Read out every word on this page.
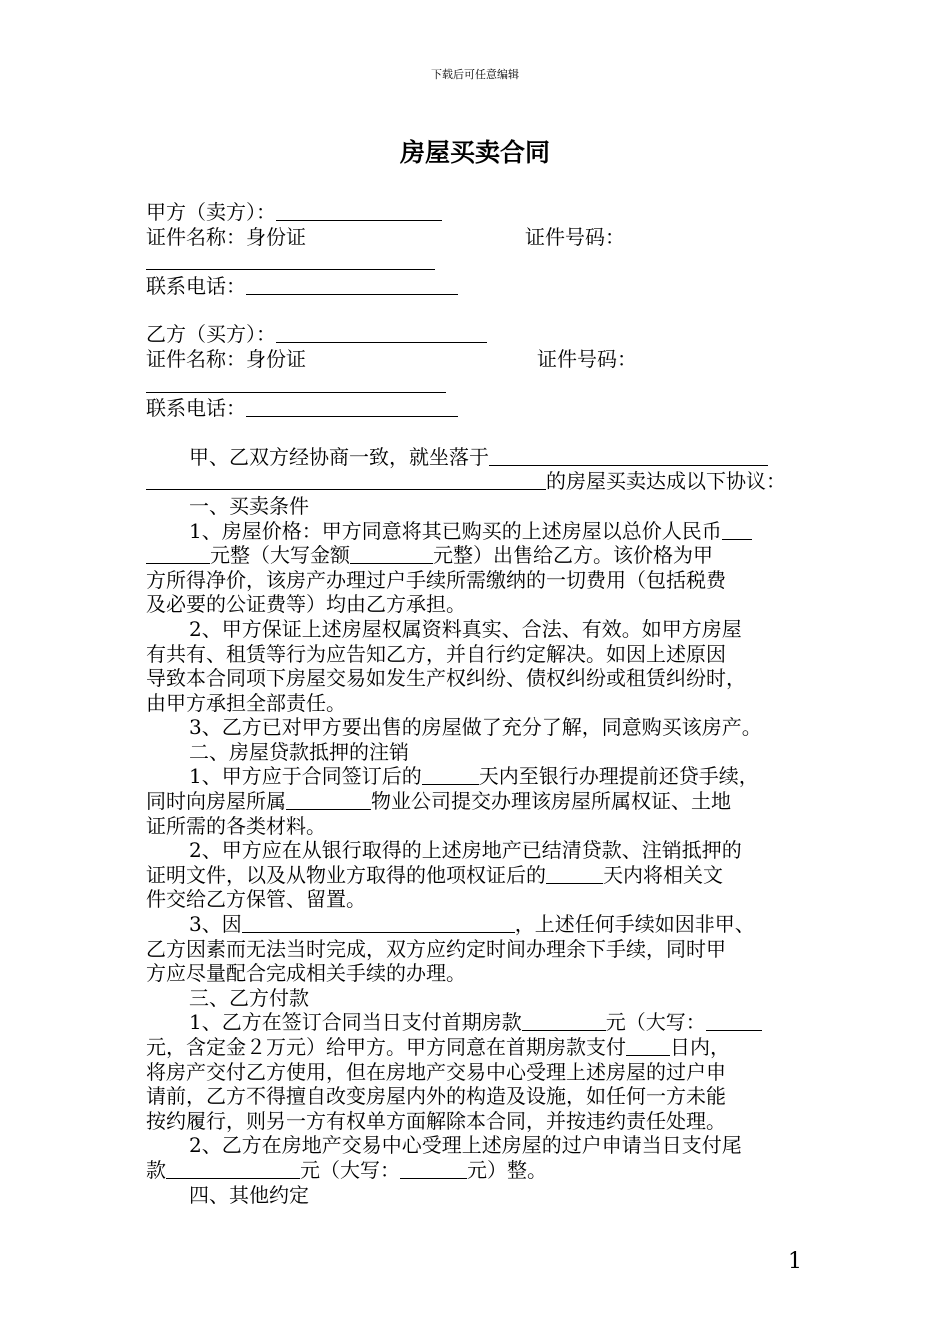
下载后可任意编辑
房屋买卖合同

甲方（卖方）：

证件名称：身份证	证件号码：

联系电话：

乙方（买方）：

证件名称：身份证	证件号码：

联系电话：

甲、乙双方经协商一致，就坐落于

的房屋买卖达成以下协议：

一、买卖条件

1、房屋价格：甲方同意将其已购买的上述房屋以总价人民币

元整（大写金额	元整）出售给乙方。该价格为甲

方所得净价，该房产办理过户手续所需缴纳的一切费用（包括税费

及必要的公证费等）均由乙方承担。

2、甲方保证上述房屋权属资料真实、合法、有效。如甲方房屋

有共有、租赁等行为应告知乙方，并自行约定解决。如因上述原因

导致本合同项下房屋交易如发生产权纠纷、债权纠纷或租赁纠纷时，

由甲方承担全部责任。

3、乙方已对甲方要出售的房屋做了充分了解，同意购买该房产。

二、房屋贷款抵押的注销

1、甲方应于合同签订后的	天内至银行办理提前还贷手续，

同时向房屋所属	物业公司提交办理该房屋所属权证、土地

证所需的各类材料。

2、甲方应在从银行取得的上述房地产已结清贷款、注销抵押的

证明文件，以及从物业方取得的他项权证后的	天内将相关文

件交给乙方保管、留置。

3、因	，上述任何手续如因非甲、

乙方因素而无法当时完成，双方应约定时间办理余下手续，同时甲

方应尽量配合完成相关手续的办理。

三、乙方付款

1、乙方在签订合同当日支付首期房款	元（大写：

元，含定金２万元）给甲方。甲方同意在首期房款支付 日内，

将房产交付乙方使用，但在房地产交易中心受理上述房屋的过户申

请前，乙方不得擅自改变房屋内外的构造及设施，如任何一方未能

按约履行，则另一方有权单方面解除本合同，并按违约责任处理。

2、乙方在房地产交易中心受理上述房屋的过户申请当日支付尾

款	元（大写：	元）整。

四、其他约定

1
